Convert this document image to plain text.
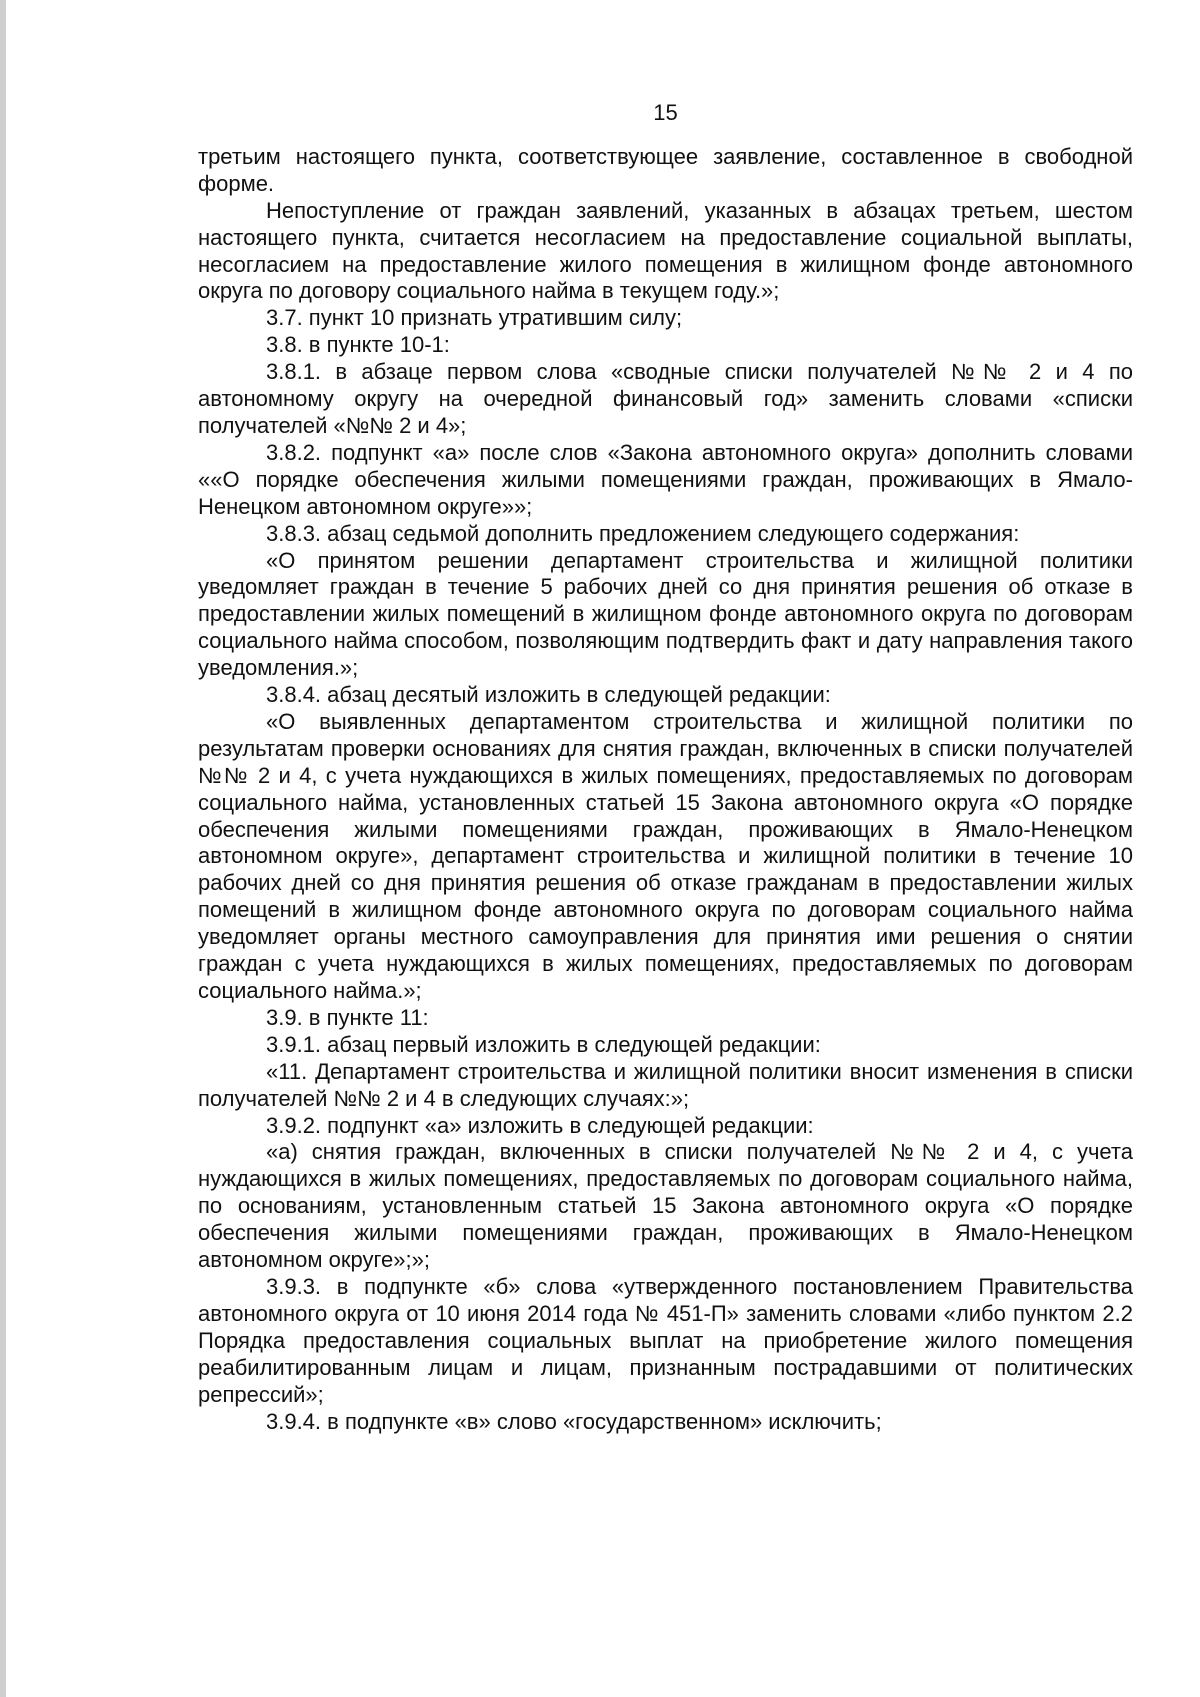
15

третьим настоящего пункта, соответствующее заявление, составленное в свободной форме.

Непоступление от граждан заявлений, указанных в абзацах третьем, шестом настоящего пункта, считается несогласием на предоставление социальной выплаты, несогласием на предоставление жилого помещения в жилищном фонде автономного округа по договору социального найма в текущем году.»;

3.7. пункт 10 признать утратившим силу;

3.8. в пункте 10-1:

3.8.1. в абзаце первом слова «сводные списки получателей №№ 2 и 4 по автономному округу на очередной финансовый год» заменить словами «списки получателей «№№ 2 и 4»;

3.8.2. подпункт «а» после слов «Закона автономного округа» дополнить словами ««О порядке обеспечения жилыми помещениями граждан, проживающих в Ямало-Ненецком автономном округе»»;

3.8.3. абзац седьмой дополнить предложением следующего содержания:

«О принятом решении департамент строительства и жилищной политики уведомляет граждан в течение 5 рабочих дней со дня принятия решения об отказе в предоставлении жилых помещений в жилищном фонде автономного округа по договорам социального найма способом, позволяющим подтвердить факт и дату направления такого уведомления.»;

3.8.4. абзац десятый изложить в следующей редакции:

«О выявленных департаментом строительства и жилищной политики по результатам проверки основаниях для снятия граждан, включенных в списки получателей №№ 2 и 4, с учета нуждающихся в жилых помещениях, предоставляемых по договорам социального найма, установленных статьей 15 Закона автономного округа «О порядке обеспечения жилыми помещениями граждан, проживающих в Ямало-Ненецком автономном округе», департамент строительства и жилищной политики в течение 10 рабочих дней со дня принятия решения об отказе гражданам в предоставлении жилых помещений в жилищном фонде автономного округа по договорам социального найма уведомляет органы местного самоуправления для принятия ими решения о снятии граждан с учета нуждающихся в жилых помещениях, предоставляемых по договорам социального найма.»;

3.9. в пункте 11:

3.9.1. абзац первый изложить в следующей редакции:

«11. Департамент строительства и жилищной политики вносит изменения в списки получателей №№ 2 и 4 в следующих случаях:»;

3.9.2. подпункт «а» изложить в следующей редакции:

«а) снятия граждан, включенных в списки получателей №№ 2 и 4, с учета нуждающихся в жилых помещениях, предоставляемых по договорам социального найма, по основаниям, установленным статьей 15 Закона автономного округа «О порядке обеспечения жилыми помещениями граждан, проживающих в Ямало-Ненецком автономном округе»;»;

3.9.3. в подпункте «б» слова «утвержденного постановлением Правительства автономного округа от 10 июня 2014 года № 451-П» заменить словами «либо пунктом 2.2 Порядка предоставления социальных выплат на приобретение жилого помещения реабилитированным лицам и лицам, признанным пострадавшими от политических репрессий»;

3.9.4. в подпункте «в» слово «государственном» исключить;
